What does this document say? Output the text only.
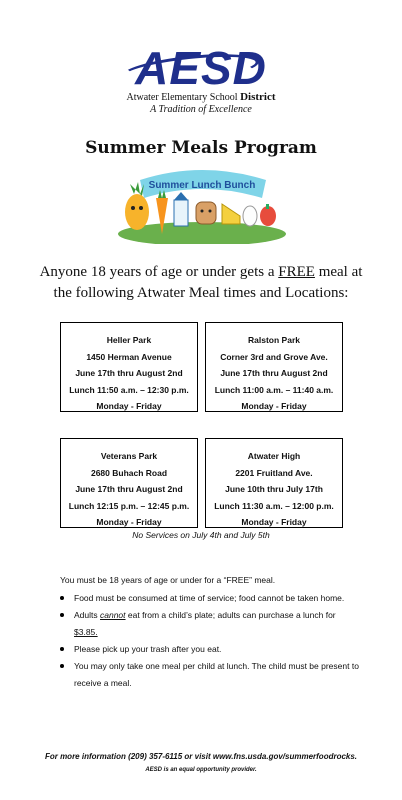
AESD
Atwater Elementary School District
A Tradition of Excellence
Summer Meals Program
Summer Lunch Bunch
Anyone 18 years of age or under gets a FREE meal at
the following Atwater Meal times and Locations:
Heller Park
1450 Herman Avenue
June 17th thru August 2nd
Lunch 11:50 a.m. – 12:30 p.m.
Monday - Friday
Ralston Park
Corner 3rd and Grove Ave.
June 17th thru August 2nd
Lunch 11:00 a.m. – 11:40 a.m.
Monday - Friday
Veterans Park
2680 Buhach Road
June 17th thru August 2nd
Lunch 12:15 p.m. – 12:45 p.m.
Monday - Friday
Atwater High
2201 Fruitland Ave.
June 10th thru July 17th
Lunch 11:30 a.m. – 12:00 p.m.
Monday - Friday
No Services on July 4th and July 5th
You must be 18 years of age or under for a “FREE” meal.
Food must be consumed at time of service; food cannot be taken home.
Adults cannot eat from a child’s plate; adults can purchase a lunch for $3.85.
Please pick up your trash after you eat.
You may only take one meal per child at lunch. The child must be present to receive a meal.
For more information (209) 357-6115 or visit www.fns.usda.gov/summerfoodrocks.
AESD is an equal opportunity provider.
